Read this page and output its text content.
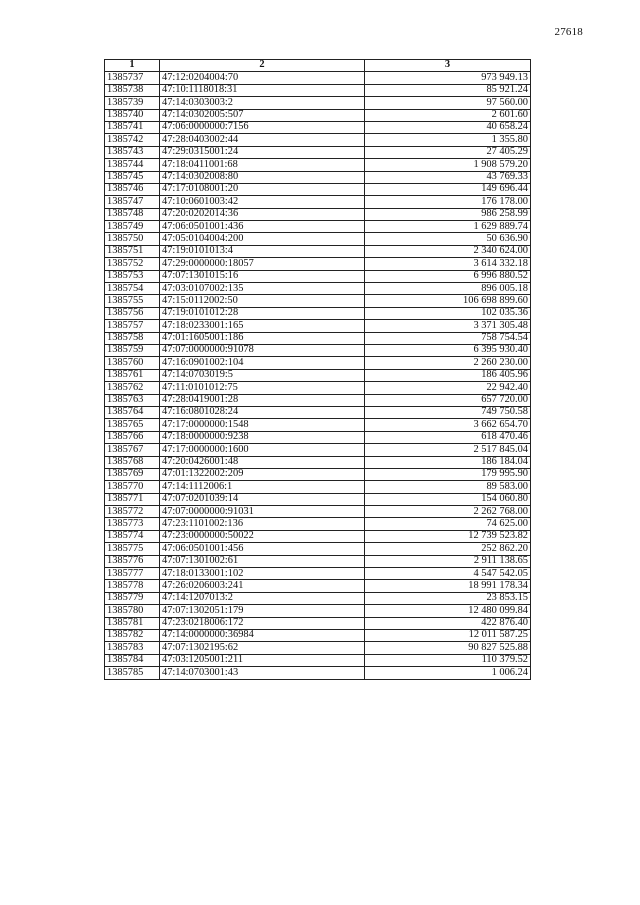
27618
1	2	3
1385737	47:12:0204004:70	973 949.13
1385738	47:10:1118018:31	85 921.24
1385739	47:14:0303003:2	97 560.00
1385740	47:14:0302005:507	2 601.60
1385741	47:06:0000000:7156	40 658.24
1385742	47:28:0403002:44	1 355.80
1385743	47:29:0315001:24	27 405.29
1385744	47:18:0411001:68	1 908 579.20
1385745	47:14:0302008:80	43 769.33
1385746	47:17:0108001:20	149 696.44
1385747	47:10:0601003:42	176 178.00
1385748	47:20:0202014:36	986 258.99
1385749	47:06:0501001:436	1 629 889.74
1385750	47:05:0104004:200	50 636.90
1385751	47:19:0101013:4	2 340 624.00
1385752	47:29:0000000:18057	3 614 332.18
1385753	47:07:1301015:16	6 996 880.52
1385754	47:03:0107002:135	896 005.18
1385755	47:15:0112002:50	106 698 899.60
1385756	47:19:0101012:28	102 035.36
1385757	47:18:0233001:165	3 371 305.48
1385758	47:01:1605001:186	758 754.54
1385759	47:07:0000000:91078	6 395 930.40
1385760	47:16:0901002:104	2 260 230.00
1385761	47:14:0703019:5	186 405.96
1385762	47:11:0101012:75	22 942.40
1385763	47:28:0419001:28	657 720.00
1385764	47:16:0801028:24	749 750.58
1385765	47:17:0000000:1548	3 662 654.70
1385766	47:18:0000000:9238	618 470.46
1385767	47:17:0000000:1600	2 517 845.04
1385768	47:20:0426001:48	186 184.04
1385769	47:01:1322002:209	179 995.90
1385770	47:14:1112006:1	89 583.00
1385771	47:07:0201039:14	154 060.80
1385772	47:07:0000000:91031	2 262 768.00
1385773	47:23:1101002:136	74 625.00
1385774	47:23:0000000:50022	12 739 523.82
1385775	47:06:0501001:456	252 862.20
1385776	47:07:1301002:61	2 911 138.65
1385777	47:18:0133001:102	4 547 542.05
1385778	47:26:0206003:241	18 991 178.34
1385779	47:14:1207013:2	23 853.15
1385780	47:07:1302051:179	12 480 099.84
1385781	47:23:0218006:172	422 876.40
1385782	47:14:0000000:36984	12 011 587.25
1385783	47:07:1302195:62	90 827 525.88
1385784	47:03:1205001:211	110 379.52
1385785	47:14:0703001:43	1 006.24
